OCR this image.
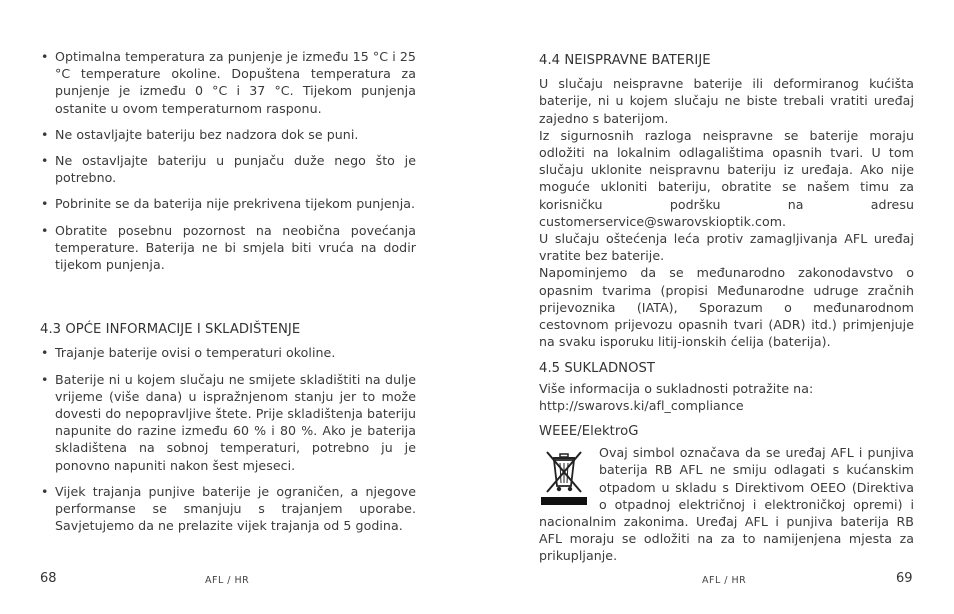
• Optimalna temperatura za punjenje je između 15 °C i 25 °C temperature okoline. Dopuštena temperatura za punjenje je između 0 °C i 37 °C. Tijekom punjenja ostanite u ovom temperaturnom rasponu.
• Ne ostavljajte bateriju bez nadzora dok se puni.
• Ne ostavljajte bateriju u punjaču duže nego što je potrebno.
• Pobrinite se da baterija nije prekrivena tijekom punjenja.
• Obratite posebnu pozornost na neobična povećanja temperature. Baterija ne bi smjela biti vruća na dodir tijekom punjenja.
4.3 OPĆE INFORMACIJE I SKLADIŠTENJE
• Trajanje baterije ovisi o temperaturi okoline.
• Baterije ni u kojem slučaju ne smijete skladištiti na dulje vrijeme (više dana) u ispražnjenom stanju jer to može dovesti do nepopravljive štete. Prije skladištenja bateriju napunite do razine između 60 % i 80 %. Ako je baterija skladištena na sobnoj temperaturi, potrebno ju je ponovno napuniti nakon šest mjeseci.
• Vijek trajanja punjive baterije je ograničen, a njegove performanse se smanjuju s trajanjem uporabe. Savjetujemo da ne prelazite vijek trajanja od 5 godina.
68	AFL / HR
4.4 NEISPRAVNE BATERIJE

U slučaju neispravne baterije ili deformiranog kućišta baterije, ni u kojem slučaju ne biste trebali vratiti uređaj zajedno s baterijom.

Iz sigurnosnih razloga neispravne se baterije moraju odložiti na lokalnim odlagalištima opasnih tvari. U tom slučaju uklonite neispravnu bateriju iz uređaja. Ako nije moguće ukloniti bateriju, obratite se našem timu za korisničku podršku na adresu customerservice@swarovskioptik.com.

U slučaju oštećenja leća protiv zamagljivanja AFL uređaj vratite bez baterije.

Napominjemo da se međunarodno zakonodavstvo o opasnim tvarima (propisi Međunarodne udruge zračnih prijevoznika (IATA), Sporazum o međunarodnom cestovnom prijevozu opasnih tvari (ADR) itd.) primjenjuje na svaku isporuku litij-ionskih ćelija (baterija).

4.5 SUKLADNOST

Više informacija o sukladnosti potražite na: http://swarovs.ki/afl_compliance

WEEE/ElektroG

Ovaj simbol označava da se uređaj AFL i punjiva baterija RB AFL ne smiju odlagati s kućanskim otpadom u skladu s Direktivom OEEO (Direktiva o otpadnoj električnoj i elektroničkoj opremi) i nacionalnim zakonima. Uređaj AFL i punjiva baterija RB AFL moraju se odložiti na za to namijenjena mjesta za prikupljanje.

AFL / HR	69
